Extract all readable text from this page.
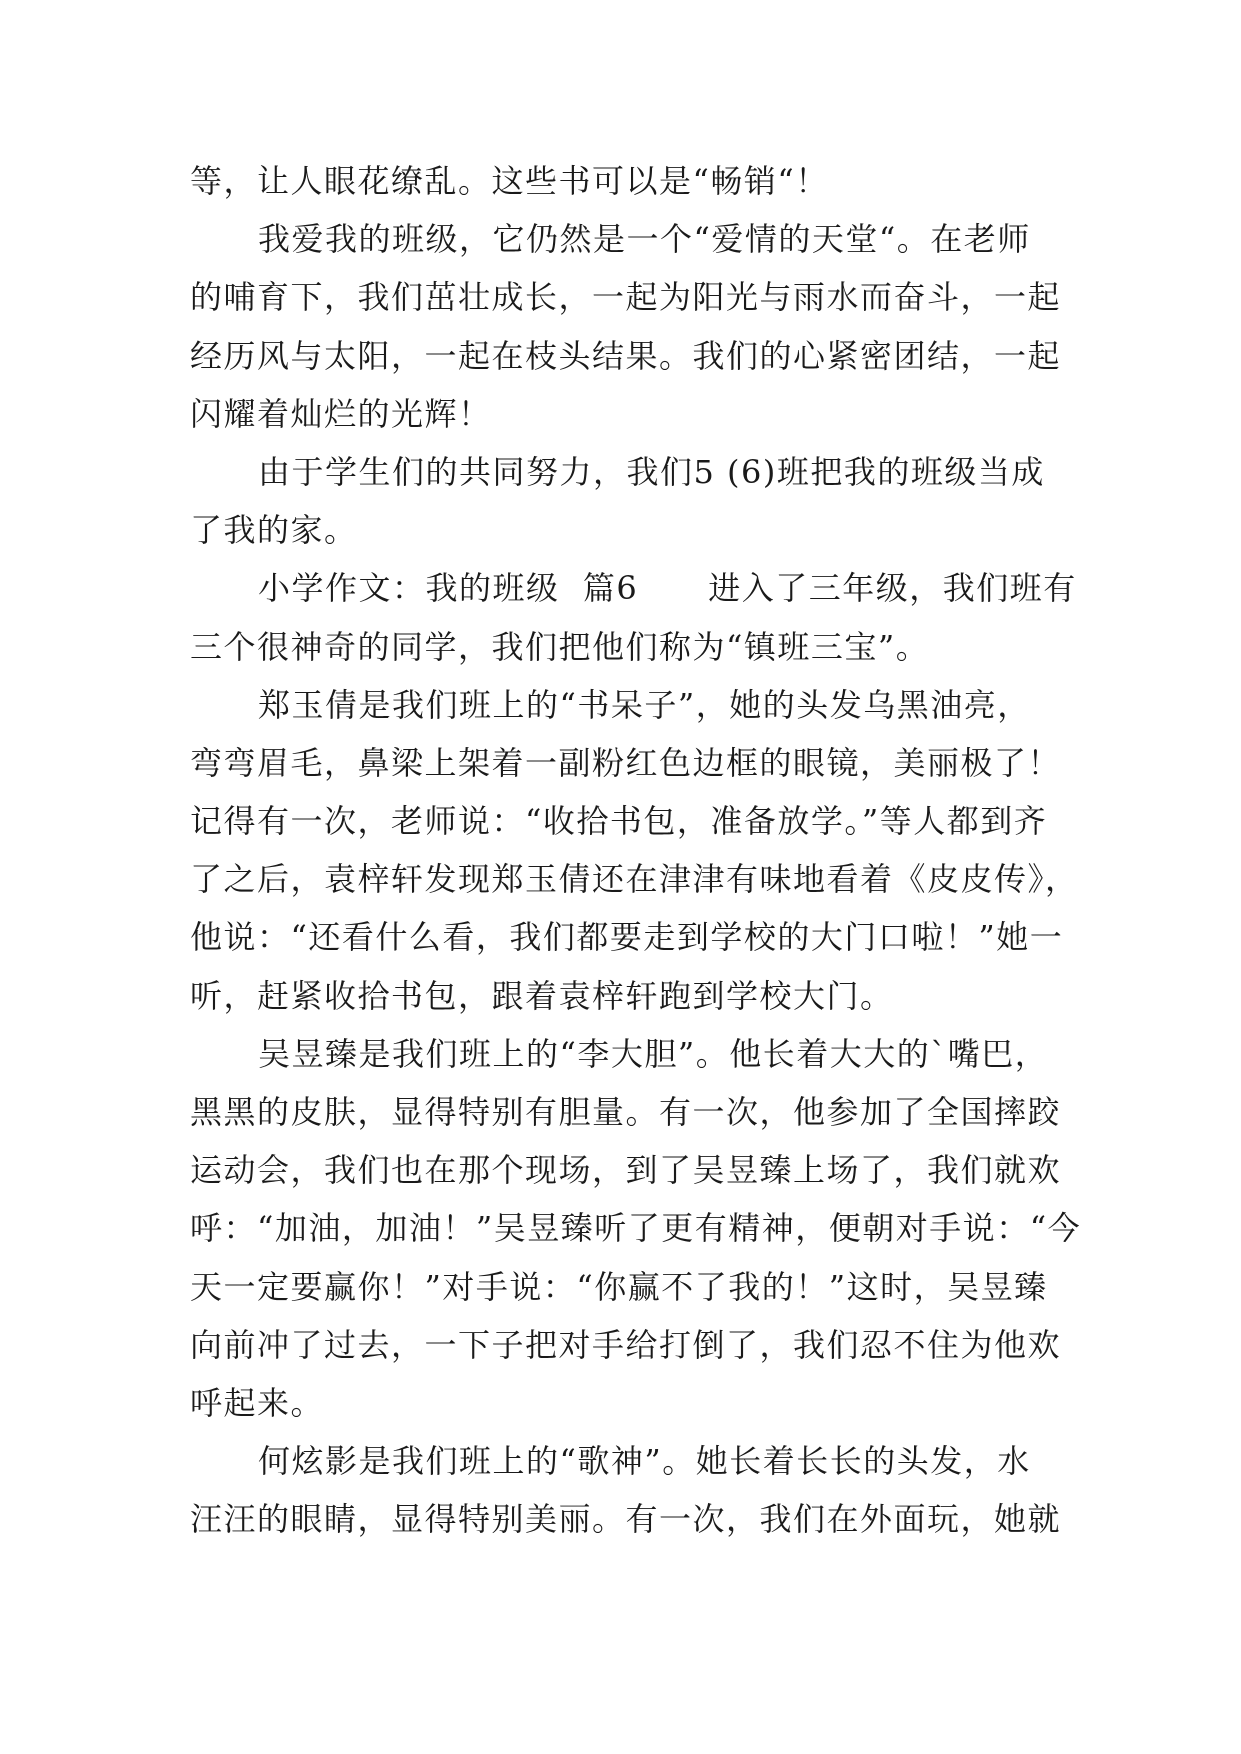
等，让人眼花缭乱。这些书可以是“畅销“！
我爱我的班级，它仍然是一个“爱情的天堂“。在老师
的哺育下，我们茁壮成长，一起为阳光与雨水而奋斗，一起
经历风与太阳，一起在枝头结果。我们的心紧密团结，一起
闪耀着灿烂的光辉！
由于学生们的共同努力，我们5 (6)班把我的班级当成
了我的家。
小学作文：我的班级  篇6      进入了三年级，我们班有
三个很神奇的同学，我们把他们称为“镇班三宝”。
郑玉倩是我们班上的“书呆子”，她的头发乌黑油亮，
弯弯眉毛，鼻梁上架着一副粉红色边框的眼镜，美丽极了！
记得有一次，老师说：“收拾书包，准备放学。”等人都到齐
了之后，袁梓轩发现郑玉倩还在津津有味地看着《皮皮传》，
他说：“还看什么看，我们都要走到学校的大门口啦！”她一
听，赶紧收拾书包，跟着袁梓轩跑到学校大门。
吴昱臻是我们班上的“李大胆”。他长着大大的`嘴巴，
黑黑的皮肤，显得特别有胆量。有一次，他参加了全国摔跤
运动会，我们也在那个现场，到了吴昱臻上场了，我们就欢
呼：“加油，加油！”吴昱臻听了更有精神，便朝对手说：“今
天一定要赢你！”对手说：“你赢不了我的！”这时，吴昱臻
向前冲了过去，一下子把对手给打倒了，我们忍不住为他欢
呼起来。
何炫影是我们班上的“歌神”。她长着长长的头发，水
汪汪的眼睛，显得特别美丽。有一次，我们在外面玩，她就
